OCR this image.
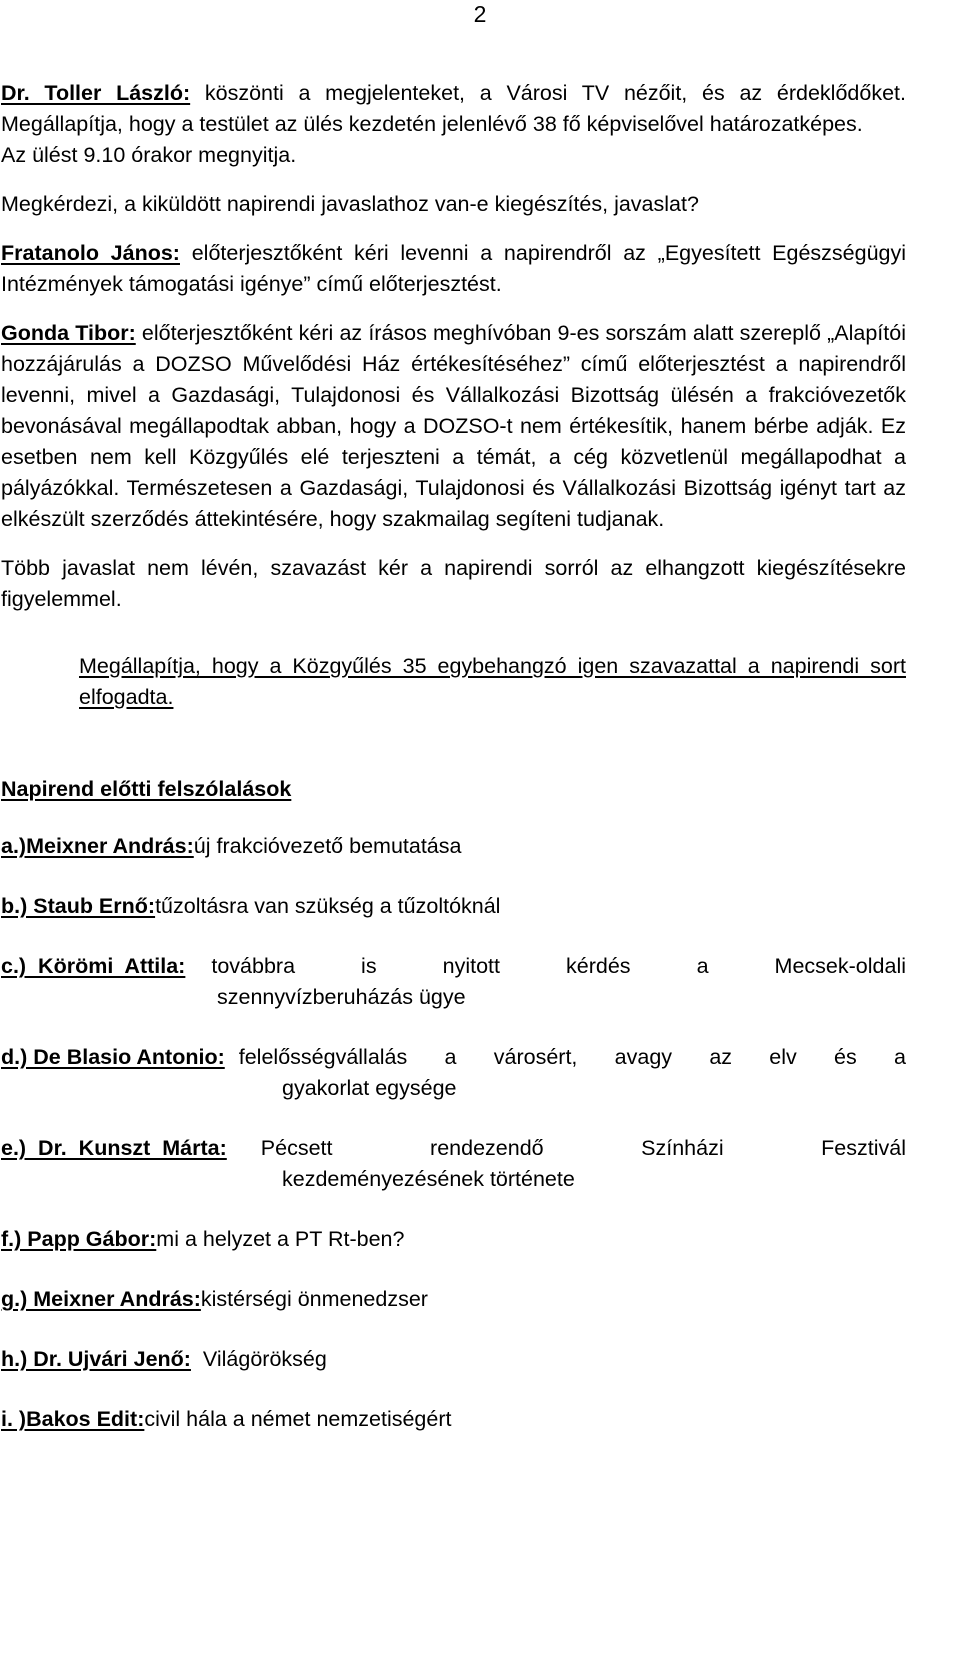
2

Dr. Toller László: köszönti a megjelenteket, a Városi TV nézőit, és az érdeklődőket. Megállapítja, hogy a testület az ülés kezdetén jelenlévő 38 fő képviselővel határozatképes.

Az ülést 9.10 órakor megnyitja.

Megkérdezi, a kiküldött napirendi javaslathoz van-e kiegészítés, javaslat?

Fratanolo János: előterjesztőként kéri levenni a napirendről az „Egyesített Egészségügyi Intézmények támogatási igénye” című előterjesztést.

Gonda Tibor: előterjesztőként kéri az írásos meghívóban 9-es sorszám alatt szereplő „Alapítói hozzájárulás a DOZSO Művelődési Ház értékesítéséhez” című előterjesztést a napirendről levenni, mivel a Gazdasági, Tulajdonosi és Vállalkozási Bizottság ülésén a frakcióvezetők bevonásával megállapodtak abban, hogy a DOZSO-t nem értékesítik, hanem bérbe adják. Ez esetben nem kell Közgyűlés elé terjeszteni a témát, a cég közvetlenül megállapodhat a pályázókkal. Természetesen a Gazdasági, Tulajdonosi és Vállalkozási Bizottság igényt tart az elkészült szerződés áttekintésére, hogy szakmailag segíteni tudjanak.

Több javaslat nem lévén, szavazást kér a napirendi sorról az elhangzott kiegészítésekre figyelemmel.

Megállapítja, hogy a Közgyűlés 35 egybehangzó igen szavazattal a napirendi sort elfogadta.

Napirend előtti felszólalások
a.)Meixner András: új frakcióvezető bemutatása
b.) Staub Ernő: tűzoltásra van szükség a tűzoltóknál
c.)  Körömi  Attila: továbbra  is  nyitott  kérdés  a  Mecsek-oldali
szennyvízberuházás ügye
d.) De Blasio Antonio: felelősségvállalás a városért, avagy az elv és a
gyakorlat egysége
e.)  Dr.  Kunszt  Márta: Pécsett  rendezendő  Színházi  Fesztivál
kezdeményezésének története
f.) Papp Gábor: mi a helyzet a PT Rt-ben?
g.) Meixner András: kistérségi önmenedzser
h.) Dr. Ujvári Jenő: Világörökség
i. )Bakos Edit: civil hála a német nemzetiségért
